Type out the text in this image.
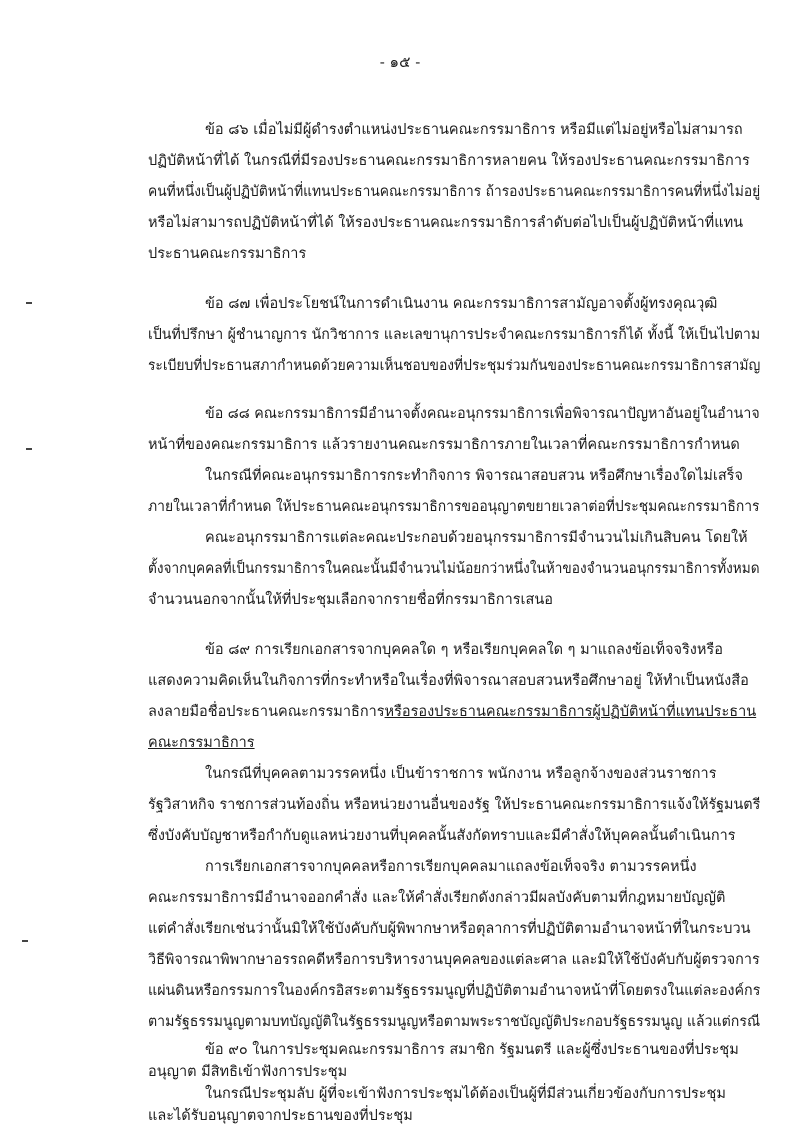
- ๑๕ -
ข้อ ๘๖ เมื่อไม่มีผู้ดำรงตำแหน่งประธานคณะกรรมาธิการ หรือมีแต่ไม่อยู่หรือไม่สามารถ
ปฏิบัติหน้าที่ได้ ในกรณีที่มีรองประธานคณะกรรมาธิการหลายคน ให้รองประธานคณะกรรมาธิการ
คนที่หนึ่งเป็นผู้ปฏิบัติหน้าที่แทนประธานคณะกรรมาธิการ ถ้ารองประธานคณะกรรมาธิการคนที่หนึ่งไม่อยู่
หรือไม่สามารถปฏิบัติหน้าที่ได้ ให้รองประธานคณะกรรมาธิการลำดับต่อไปเป็นผู้ปฏิบัติหน้าที่แทน
ประธานคณะกรรมาธิการ
ข้อ ๘๗ เพื่อประโยชน์ในการดำเนินงาน คณะกรรมาธิการสามัญอาจตั้งผู้ทรงคุณวุฒิ
เป็นที่ปรึกษา ผู้ชำนาญการ นักวิชาการ และเลขานุการประจำคณะกรรมาธิการก็ได้ ทั้งนี้ ให้เป็นไปตาม
ระเบียบที่ประธานสภากำหนดด้วยความเห็นชอบของที่ประชุมร่วมกันของประธานคณะกรรมาธิการสามัญ
ข้อ ๘๘ คณะกรรมาธิการมีอำนาจตั้งคณะอนุกรรมาธิการเพื่อพิจารณาปัญหาอันอยู่ในอำนาจ
หน้าที่ของคณะกรรมาธิการ แล้วรายงานคณะกรรมาธิการภายในเวลาที่คณะกรรมาธิการกำหนด
ในกรณีที่คณะอนุกรรมาธิการกระทำกิจการ พิจารณาสอบสวน หรือศึกษาเรื่องใดไม่เสร็จ
ภายในเวลาที่กำหนด ให้ประธานคณะอนุกรรมาธิการขออนุญาตขยายเวลาต่อที่ประชุมคณะกรรมาธิการ
คณะอนุกรรมาธิการแต่ละคณะประกอบด้วยอนุกรรมาธิการมีจำนวนไม่เกินสิบคน โดยให้
ตั้งจากบุคคลที่เป็นกรรมาธิการในคณะนั้นมีจำนวนไม่น้อยกว่าหนึ่งในห้าของจำนวนอนุกรรมาธิการทั้งหมด
จำนวนนอกจากนั้นให้ที่ประชุมเลือกจากรายชื่อที่กรรมาธิการเสนอ
ข้อ ๘๙ การเรียกเอกสารจากบุคคลใด ๆ หรือเรียกบุคคลใด ๆ มาแถลงข้อเท็จจริงหรือ
แสดงความคิดเห็นในกิจการที่กระทำหรือในเรื่องที่พิจารณาสอบสวนหรือศึกษาอยู่ ให้ทำเป็นหนังสือ
ลงลายมือชื่อประธานคณะกรรมาธิการหรือรองประธานคณะกรรมาธิการผู้ปฏิบัติหน้าที่แทนประธาน
คณะกรรมาธิการ
ในกรณีที่บุคคลตามวรรคหนึ่ง เป็นข้าราชการ พนักงาน หรือลูกจ้างของส่วนราชการ
รัฐวิสาหกิจ ราชการส่วนท้องถิ่น หรือหน่วยงานอื่นของรัฐ ให้ประธานคณะกรรมาธิการแจ้งให้รัฐมนตรี
ซึ่งบังคับบัญชาหรือกำกับดูแลหน่วยงานที่บุคคลนั้นสังกัดทราบและมีคำสั่งให้บุคคลนั้นดำเนินการ
การเรียกเอกสารจากบุคคลหรือการเรียกบุคคลมาแถลงข้อเท็จจริง ตามวรรคหนึ่ง
คณะกรรมาธิการมีอำนาจออกคำสั่ง และให้คำสั่งเรียกดังกล่าวมีผลบังคับตามที่กฎหมายบัญญัติ
แต่คำสั่งเรียกเช่นว่านั้นมิให้ใช้บังคับกับผู้พิพากษาหรือตุลาการที่ปฏิบัติตามอำนาจหน้าที่ในกระบวน
วิธีพิจารณาพิพากษาอรรถคดีหรือการบริหารงานบุคคลของแต่ละศาล และมิให้ใช้บังคับกับผู้ตรวจการ
แผ่นดินหรือกรรมการในองค์กรอิสระตามรัฐธรรมนูญที่ปฏิบัติตามอำนาจหน้าที่โดยตรงในแต่ละองค์กร
ตามรัฐธรรมนูญตามบทบัญญัติในรัฐธรรมนูญหรือตามพระราชบัญญัติประกอบรัฐธรรมนูญ แล้วแต่กรณี
ข้อ ๙๐ ในการประชุมคณะกรรมาธิการ สมาชิก รัฐมนตรี และผู้ซึ่งประธานของที่ประชุม
อนุญาต มีสิทธิเข้าฟังการประชุม
ในกรณีประชุมลับ ผู้ที่จะเข้าฟังการประชุมได้ต้องเป็นผู้ที่มีส่วนเกี่ยวข้องกับการประชุม
และได้รับอนุญาตจากประธานของที่ประชุม
